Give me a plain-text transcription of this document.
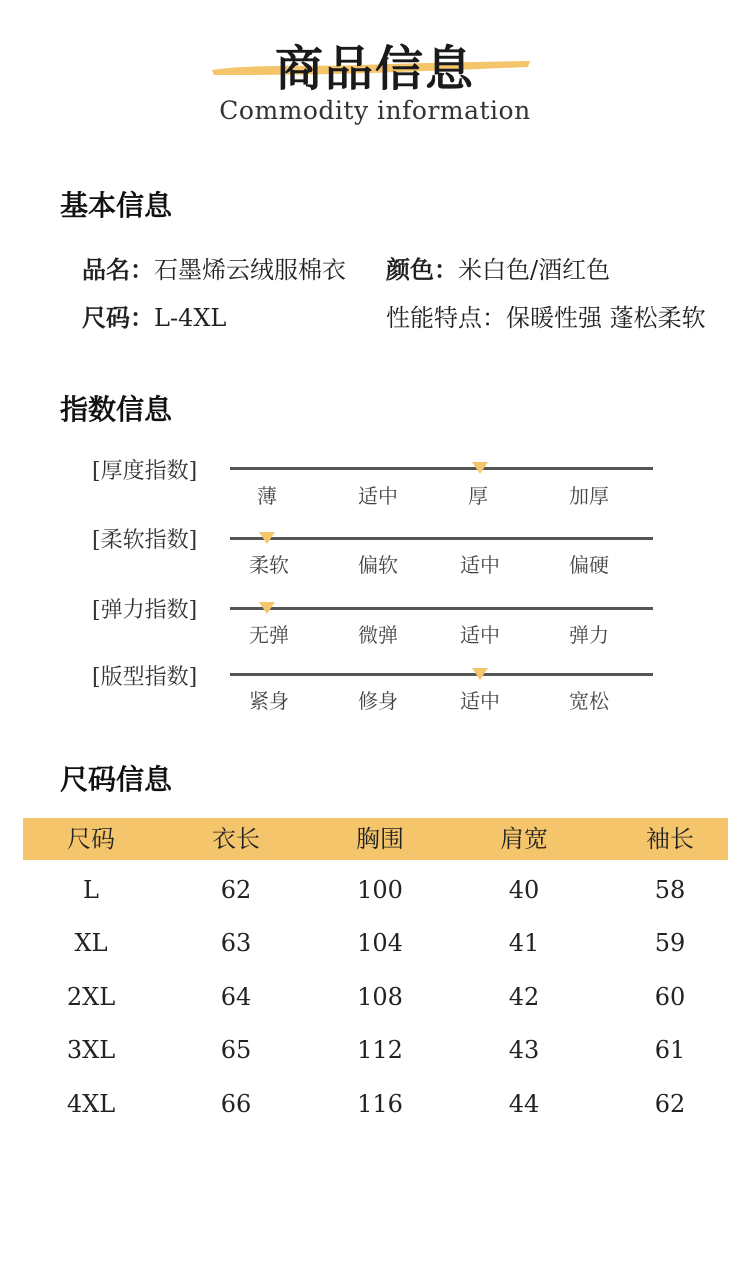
商品信息
Commodity information
基本信息
品名：石墨烯云绒服棉衣 颜色：米白色/酒红色
尺码：L-4XL	性能特点：保暖性强 蓬松柔软
指数信息
[厚度指数]
薄	适中	厚	加厚
[柔软指数]
柔软	偏软	适中	偏硬
[弹力指数]
无弹	微弹	适中	弹力
[版型指数]
紧身	修身	适中	宽松
尺码信息
尺码	衣长	胸围	肩宽	袖长
L	62	100	40	58
XL	63	104	41	59
2XL	64	108	42	60
3XL	65	112	43	61
4XL	66	116	44	62
